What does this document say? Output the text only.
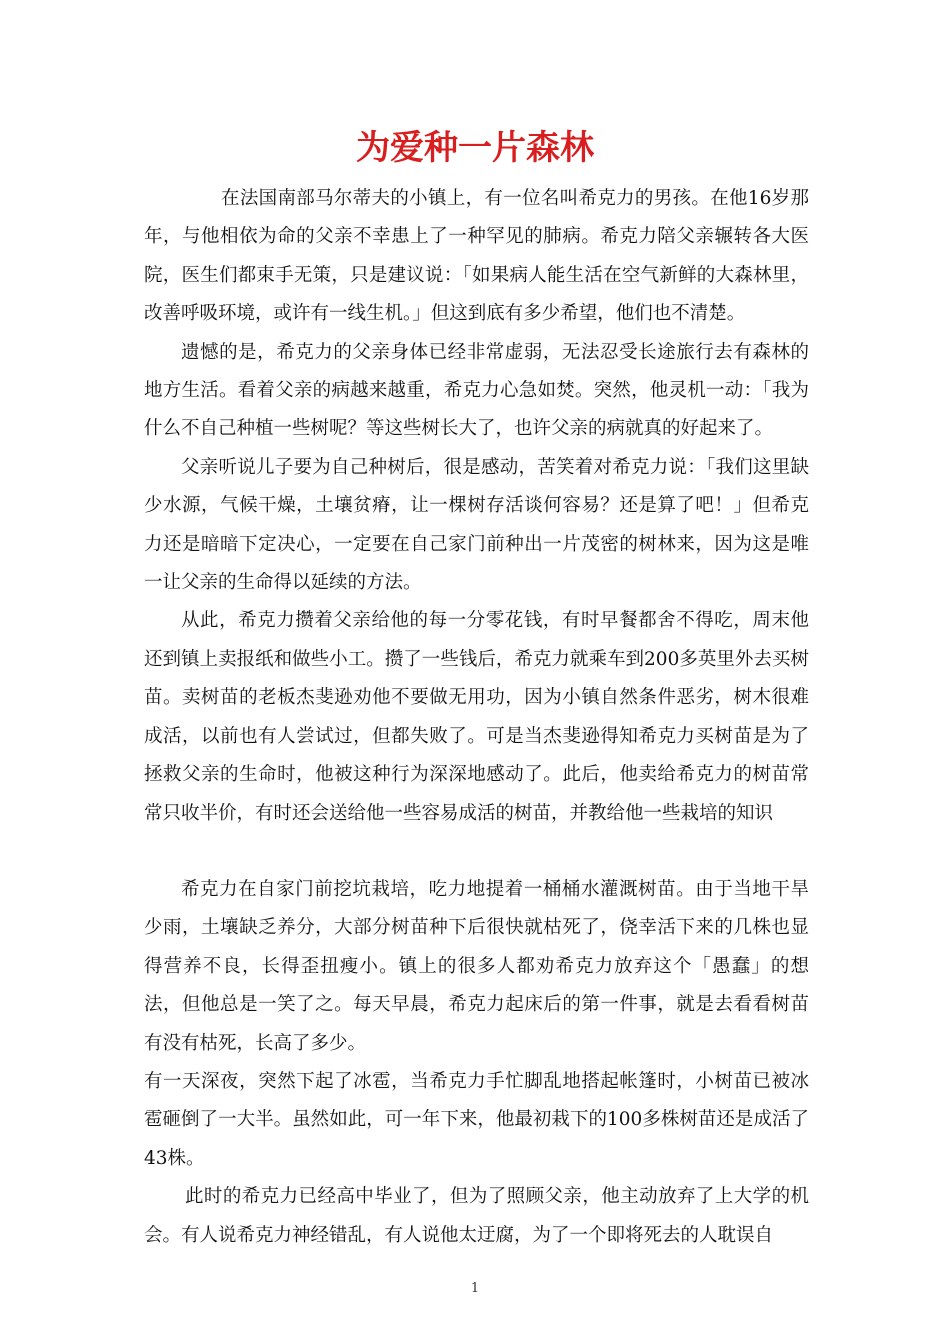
为爱种一片森林

在法国南部马尔蒂夫的小镇上，有一位名叫希克力的男孩。在他16岁那年，与他相依为命的父亲不幸患上了一种罕见的肺病。希克力陪父亲辗转各大医院，医生们都束手无策，只是建议说：「如果病人能生活在空气新鲜的大森林里，改善呼吸环境，或许有一线生机。」但这到底有多少希望，他们也不清楚。

遗憾的是，希克力的父亲身体已经非常虚弱，无法忍受长途旅行去有森林的地方生活。看着父亲的病越来越重，希克力心急如焚。突然，他灵机一动：「我为什么不自己种植一些树呢？等这些树长大了，也许父亲的病就真的好起来了。

父亲听说儿子要为自己种树后，很是感动，苦笑着对希克力说：「我们这里缺少水源，气候干燥，土壤贫瘠，让一棵树存活谈何容易？还是算了吧！」但希克力还是暗暗下定决心，一定要在自己家门前种出一片茂密的树林来，因为这是唯一让父亲的生命得以延续的方法。

从此，希克力攒着父亲给他的每一分零花钱，有时早餐都舍不得吃，周末他还到镇上卖报纸和做些小工。攒了一些钱后，希克力就乘车到200多英里外去买树苗。卖树苗的老板杰斐逊劝他不要做无用功，因为小镇自然条件恶劣，树木很难成活，以前也有人尝试过，但都失败了。可是当杰斐逊得知希克力买树苗是为了拯救父亲的生命时，他被这种行为深深地感动了。此后，他卖给希克力的树苗常常只收半价，有时还会送给他一些容易成活的树苗，并教给他一些栽培的知识

希克力在自家门前挖坑栽培，吃力地提着一桶桶水灌溉树苗。由于当地干旱少雨，土壤缺乏养分，大部分树苗种下后很快就枯死了，侥幸活下来的几株也显得营养不良，长得歪扭瘦小。镇上的很多人都劝希克力放弃这个「愚蠢」的想法，但他总是一笑了之。每天早晨，希克力起床后的第一件事，就是去看看树苗有没有枯死，长高了多少。

有一天深夜，突然下起了冰雹，当希克力手忙脚乱地搭起帐篷时，小树苗已被冰雹砸倒了一大半。虽然如此，可一年下来，他最初栽下的100多株树苗还是成活了43株。

此时的希克力已经高中毕业了，但为了照顾父亲，他主动放弃了上大学的机会。有人说希克力神经错乱，有人说他太迂腐，为了一个即将死去的人耽误自

1
